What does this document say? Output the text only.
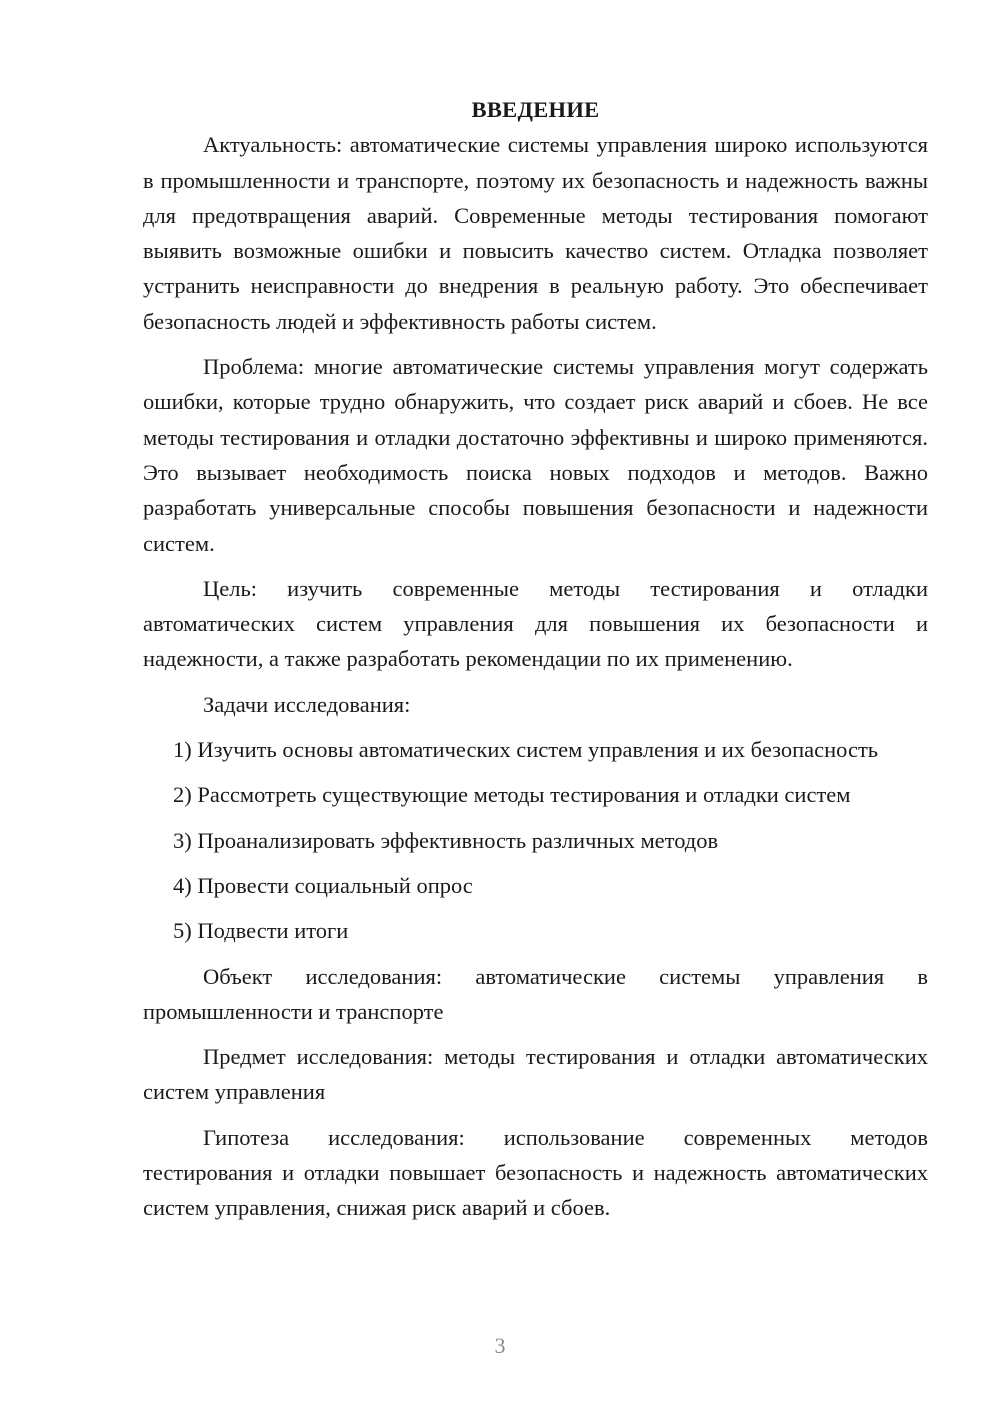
ВВЕДЕНИЕ

Актуальность: автоматические системы управления широко используются в промышленности и транспорте, поэтому их безопасность и надежность важны для предотвращения аварий. Современные методы тестирования помогают выявить возможные ошибки и повысить качество систем. Отладка позволяет устранить неисправности до внедрения в реальную работу. Это обеспечивает безопасность людей и эффективность работы систем.

Проблема: многие автоматические системы управления могут содержать ошибки, которые трудно обнаружить, что создает риск аварий и сбоев. Не все методы тестирования и отладки достаточно эффективны и широко применяются. Это вызывает необходимость поиска новых подходов и методов. Важно разработать универсальные способы повышения безопасности и надежности систем.

Цель: изучить современные методы тестирования и отладки автоматических систем управления для повышения их безопасности и надежности, а также разработать рекомендации по их применению.

Задачи исследования:

1) Изучить основы автоматических систем управления и их безопасность

2) Рассмотреть существующие методы тестирования и отладки систем

3) Проанализировать эффективность различных методов

4) Провести социальный опрос

5) Подвести итоги

Объект исследования: автоматические системы управления в промышленности и транспорте

Предмет исследования: методы тестирования и отладки автоматических систем управления

Гипотеза исследования: использование современных методов тестирования и отладки повышает безопасность и надежность автоматических систем управления, снижая риск аварий и сбоев.

3
